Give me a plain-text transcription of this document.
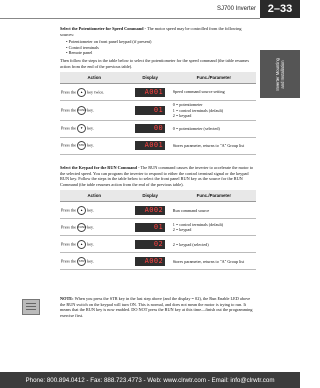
SJ700 Inverter	2–33
Inverter Mounting
and Installation

Select the Potentiometer for Speed Command - The motor speed may be controlled from the following sources:

• Potentiometer on front panel keypad (if present)
• Control terminals
• Remote panel

Then follow the steps in the table below to select the potentiometer for the speed command (the table resumes action from the end of the previous table).

Action	Display	Func./Parameter
Press the ▲ key twice.	A001	Speed command source setting
Press the FUNC key.	01	0 = potentiometer
1 = control terminals (default)
2 = keypad
Press the ▼ key.	00	0 = potentiometer (selected)
Press the STR key.	A001	Stores parameter, returns to "A" Group list

Select the Keypad for the RUN Command - The RUN command causes the inverter to accelerate the motor to the selected speed. You can program the inverter to respond to either the control terminal signal or the keypad RUN key. Follow the steps in the table below to select the front panel RUN key as the source for the RUN Command (the table resumes action from the end of the previous table).

Action	Display	Func./Parameter
Press the ▲ key.	A002	Run command source
Press the FUNC key.	01	1 = control terminals (default)
2 = keypad
Press the ▲ key.	02	2 = keypad (selected)
Press the STR key.	A002	Stores parameter, returns to "A" Group list
NOTE: When you press the STR key in the last step above (and the display = 02), the Run Enable LED above the RUN switch on the keypad will turn ON. This is normal, and does not mean the motor is trying to run. It means that the RUN key is now enabled. DO NOT press the RUN key at this time—finish out the programming exercise first.
Phone: 800.894.0412 - Fax: 888.723.4773 - Web: www.clrwtr.com - Email: info@clrwtr.com
